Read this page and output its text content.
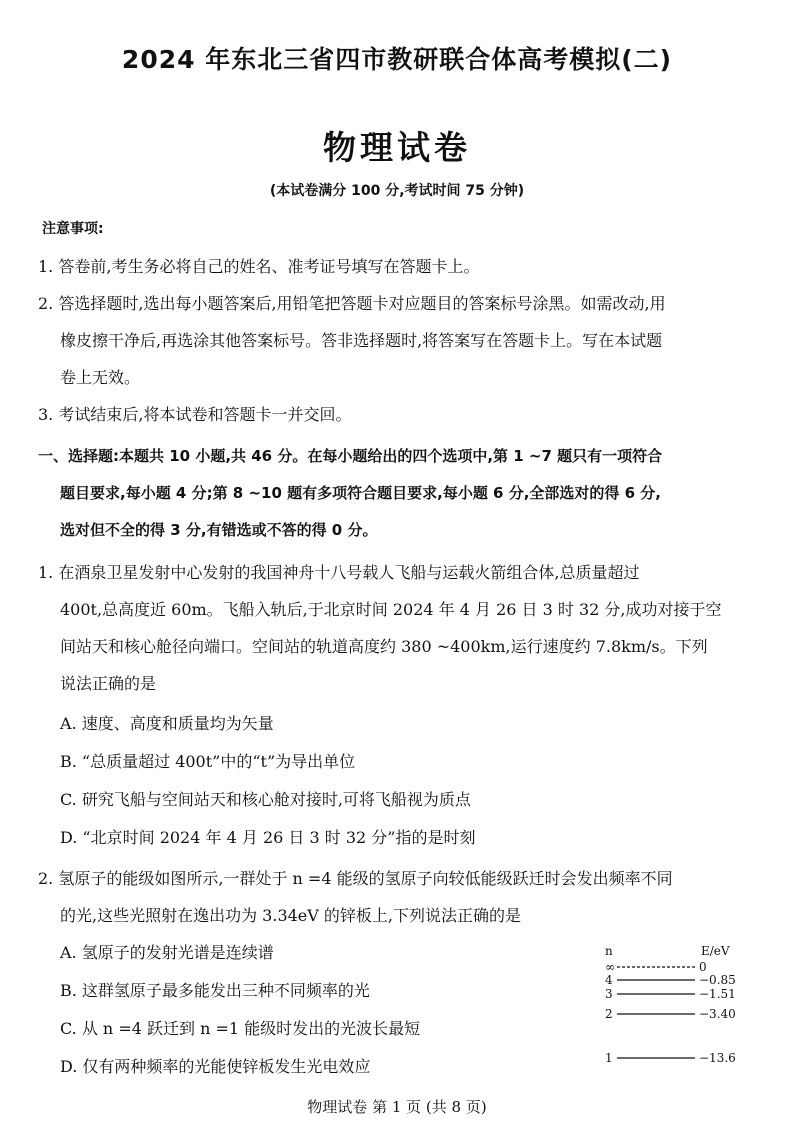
2024 年东北三省四市教研联合体高考模拟(二)
物理试卷
(本试卷满分 100 分,考试时间 75 分钟)
注意事项:
1. 答卷前,考生务必将自己的姓名、准考证号填写在答题卡上。
2. 答选择题时,选出每小题答案后,用铅笔把答题卡对应题目的答案标号涂黑。如需改动,用
橡皮擦干净后,再选涂其他答案标号。答非选择题时,将答案写在答题卡上。写在本试题
卷上无效。
3. 考试结束后,将本试卷和答题卡一并交回。
一、选择题:本题共 10 小题,共 46 分。在每小题给出的四个选项中,第 1 ~7 题只有一项符合
题目要求,每小题 4 分;第 8 ~10 题有多项符合题目要求,每小题 6 分,全部选对的得 6 分,
选对但不全的得 3 分,有错选或不答的得 0 分。
1. 在酒泉卫星发射中心发射的我国神舟十八号载人飞船与运载火箭组合体,总质量超过
400t,总高度近 60m。飞船入轨后,于北京时间 2024 年 4 月 26 日 3 时 32 分,成功对接于空
间站天和核心舱径向端口。空间站的轨道高度约 380 ~400km,运行速度约 7.8km/s。下列
说法正确的是
A. 速度、高度和质量均为矢量
B. “总质量超过 400t”中的“t”为导出单位
C. 研究飞船与空间站天和核心舱对接时,可将飞船视为质点
D. “北京时间 2024 年 4 月 26 日 3 时 32 分”指的是时刻
2. 氢原子的能级如图所示,一群处于 n =4 能级的氢原子向较低能级跃迁时会发出频率不同
的光,这些光照射在逸出功为 3.34eV 的锌板上,下列说法正确的是
A. 氢原子的发射光谱是连续谱
B. 这群氢原子最多能发出三种不同频率的光
C. 从 n =4 跃迁到 n =1 能级时发出的光波长最短
D. 仅有两种频率的光能使锌板发生光电效应
n	E/eV
∞	0
4	−0.85
3	−1.51
2	−3.40
1	−13.6
物理试卷 第 1 页 (共 8 页)
